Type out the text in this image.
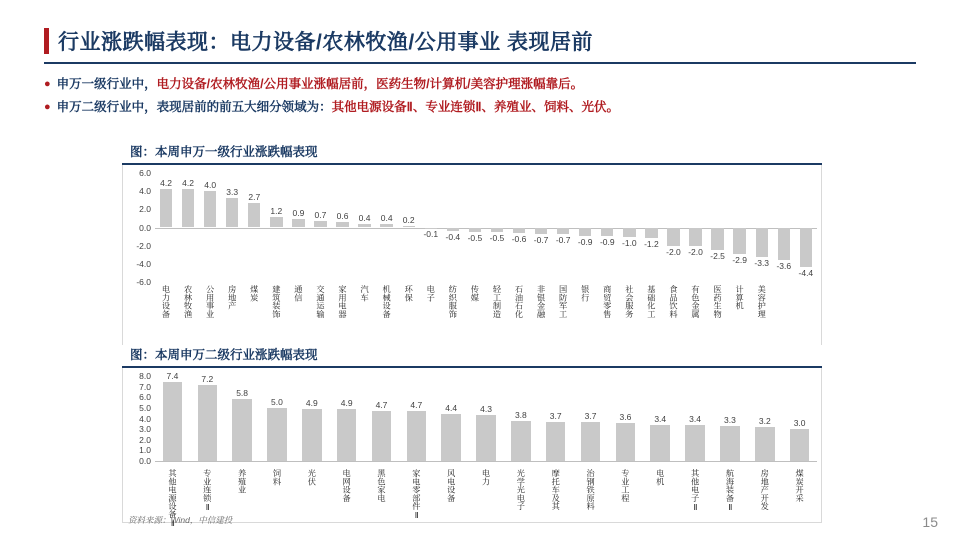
行业涨跌幅表现：电力设备/农林牧渔/公用事业 表现居前
● 申万一级行业中，电力设备/农林牧渔/公用事业涨幅居前，医药生物/计算机/美容护理涨幅靠后。
● 申万二级行业中，表现居前的前五大细分领域为：其他电源设备Ⅱ、专业连锁Ⅱ、养殖业、饲料、光伏。
图：本周申万一级行业涨跌幅表现
6.0
4.0
2.0
0.0
-2.0
-4.0
-6.0
4.2 4.2 4.0
3.3
2.7
1.2 0.9 0.7 0.6 0.4 0.4 0.2
-0.1 -0.4 -0.5 -0.5 -0.6 -0.7 -0.7 -0.9 -0.9 -1.0 -1.2
-2.0 -2.0 -2.5 -2.9 -3.3 -3.6
-4.4
电力设备 农林牧渔 公用事业 房地产 煤炭 建筑装饰 通信 交通运输 家用电器 汽车 机械设备 环保 电子 纺织服饰 传媒 轻工制造 石油石化 非银金融 国防军工 银行 商贸零售 社会服务 基础化工 食品饮料 有色金属 医药生物 计算机 美容护理
图：本周申万二级行业涨跌幅表现
8.0
7.0
6.0
5.0
4.0
3.0
2.0
1.0
0.0
7.4	7.2
5.8
5.0	4.9	4.9	4.7	4.7	4.4	4.3
3.8	3.7	3.7	3.6	3.4	3.4	3.3	3.2	3.0
其他电源设备Ⅱ	专业连锁Ⅱ	养殖业	饲料	光伏	电网设备	黑色家电	家电零部件Ⅱ	风电设备	电力	光学光电子	摩托车及其	治钢铁原料	专业工程	电机	其他电子Ⅱ	航海装备Ⅱ	房地产开发	煤炭开采
资料来源：Wind，中信建投	15
